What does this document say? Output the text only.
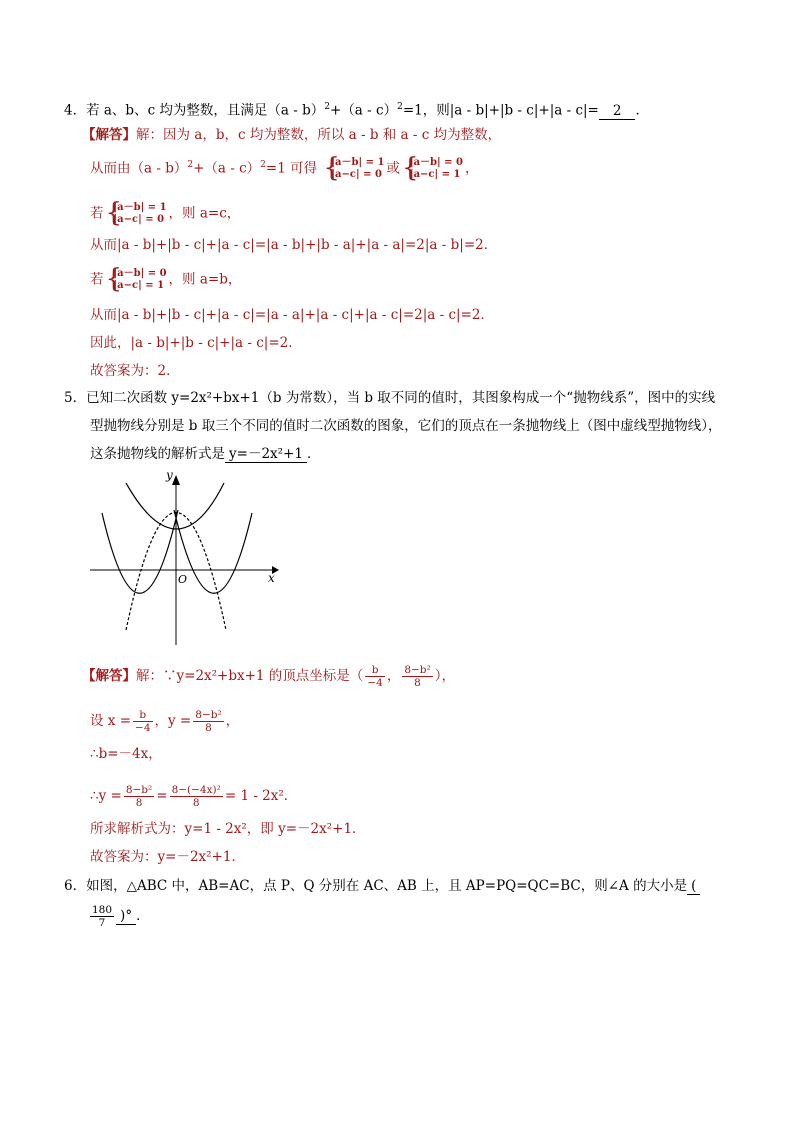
4．若 a、b、c 均为整数，且满足（a - b）$^2$+（a - c）$^2$=1，则|a - b|+|b - c|+|a - c|= 2 ．
【解答】解：因为 a，b，c 均为整数，所以 a - b 和 a - c 均为整数，
从而由（a - b）$^2$+（a - c）$^2$=1 可得 {
|a－b| = 1
|a−c| = 0 或 {
|a－b| = 0
|a−c| = 1 ，
若 {
|a－b| = 1
|a−c| = 0 ，则 a=c，
从而|a - b|+|b - c|+|a - c|=|a - b|+|b - a|+|a - a|=2|a - b|=2．
若 {
|a－b| = 0
|a−c| = 1 ，则 a=b，
从而|a - b|+|b - c|+|a - c|=|a - a|+|a - c|+|a - c|=2|a - c|=2．
因此，|a - b|+|b - c|+|a - c|=2．
故答案为：2．
5．已知二次函数 y=2x²+bx+1（b 为常数），当 b 取不同的值时，其图象构成一个“抛物线系”，图中的实线
型抛物线分别是 b 取三个不同的值时二次函数的图象，它们的顶点在一条抛物线上（图中虚线型抛物线），
这条抛物线的解析式是 y=－2x²+1 ．
y
x
O
【解答】解：∵y=2x²+bx+1 的顶点坐标是（ $\frac{b}{-4}$ ， $\frac{\text{8−b²}}{8}$ ），
设 $x = \frac{b}{-4}$ ，$y = \frac{\text{8−b²}}{8}$ ，
∴b=－4x，
∴y = $\frac{\text{8−b²}}{8} = \frac{\text{8−(−4x)²}}{8} = 1 - 2x^2$．
所求解析式为：y=1 - 2x²，即 y=－2x²+1．
故答案为：y=－2x²+1．
6．如图，△ABC 中，AB=AC，点 P、Q 分别在 AC、AB 上，且 AP=PQ=QC=BC，则∠A 的大小是 (
$\frac{180}{7}$ )° ．
